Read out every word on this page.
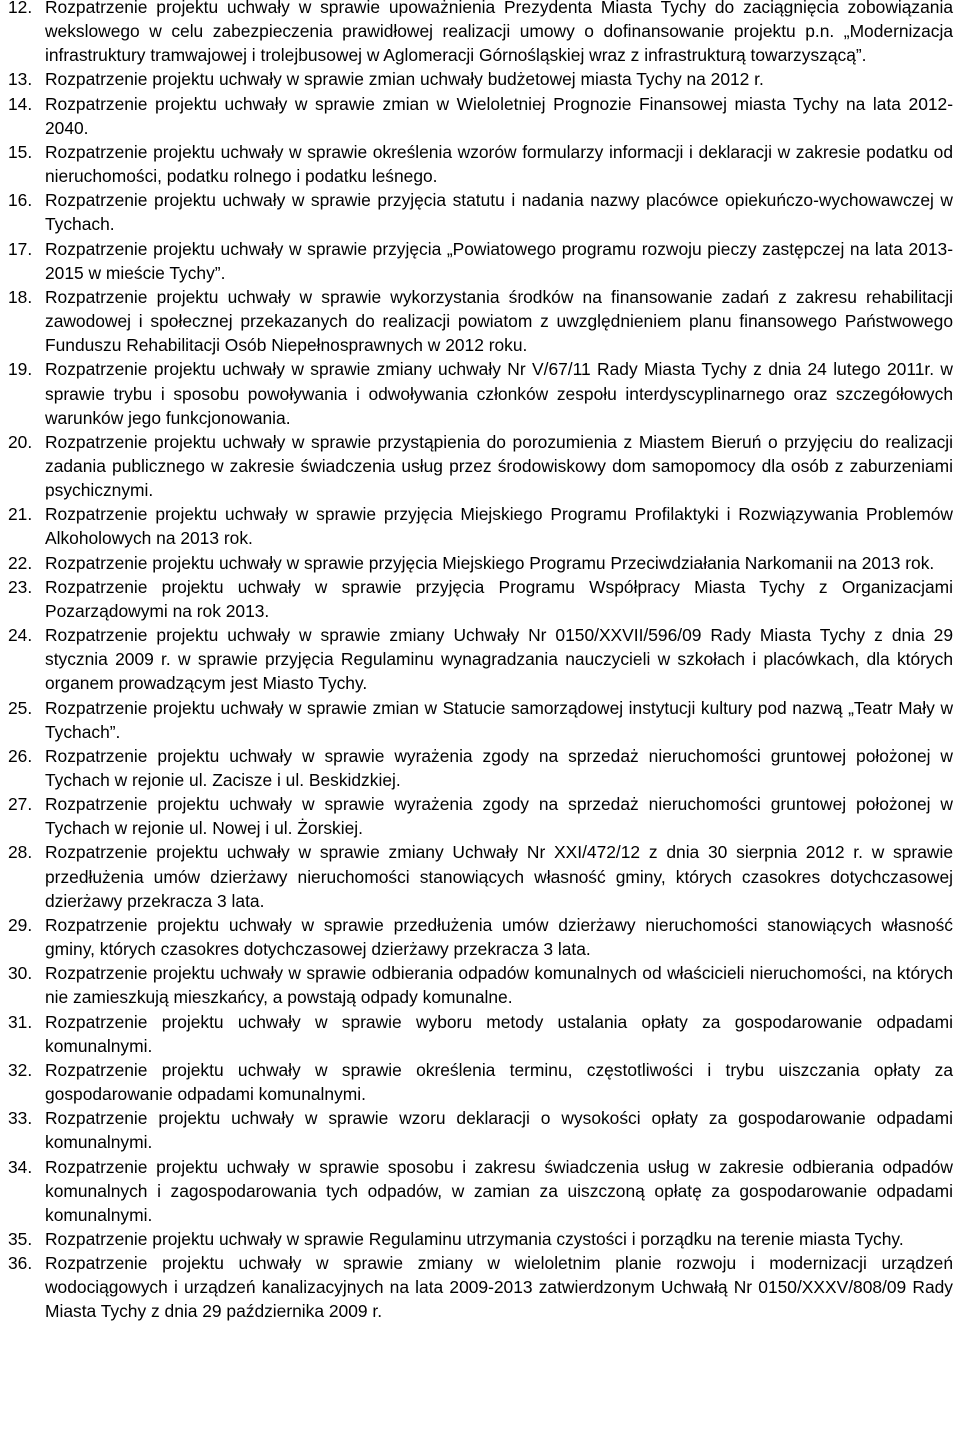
12. Rozpatrzenie projektu uchwały w sprawie upoważnienia Prezydenta Miasta Tychy do zaciągnięcia zobowiązania wekslowego w celu zabezpieczenia prawidłowej realizacji umowy o dofinansowanie projektu p.n. „Modernizacja infrastruktury tramwajowej i trolejbusowej w Aglomeracji Górnośląskiej wraz z infrastrukturą towarzyszącą”.
13. Rozpatrzenie projektu uchwały w sprawie zmian uchwały budżetowej miasta Tychy na 2012 r.
14. Rozpatrzenie projektu uchwały w sprawie zmian w Wieloletniej Prognozie Finansowej miasta Tychy na lata 2012-2040.
15. Rozpatrzenie projektu uchwały w sprawie określenia wzorów formularzy informacji i deklaracji w zakresie podatku od nieruchomości, podatku rolnego i podatku leśnego.
16. Rozpatrzenie projektu uchwały w sprawie przyjęcia statutu i nadania nazwy placówce opiekuńczo-wychowawczej w Tychach.
17. Rozpatrzenie projektu uchwały w sprawie przyjęcia „Powiatowego programu rozwoju pieczy zastępczej na lata 2013-2015 w mieście Tychy”.
18. Rozpatrzenie projektu uchwały w sprawie wykorzystania środków na finansowanie zadań z zakresu rehabilitacji zawodowej i społecznej przekazanych do realizacji powiatom z uwzględnieniem planu finansowego Państwowego Funduszu Rehabilitacji Osób Niepełnosprawnych w 2012 roku.
19. Rozpatrzenie projektu uchwały w sprawie zmiany uchwały Nr V/67/11 Rady Miasta Tychy z dnia 24 lutego 2011r. w sprawie trybu i sposobu powoływania i odwoływania członków zespołu interdyscyplinarnego oraz szczegółowych warunków jego funkcjonowania.
20. Rozpatrzenie projektu uchwały w sprawie przystąpienia do porozumienia z Miastem Bieruń o przyjęciu do realizacji zadania publicznego w zakresie świadczenia usług przez środowiskowy dom samopomocy dla osób z zaburzeniami psychicznymi.
21. Rozpatrzenie projektu uchwały w sprawie przyjęcia Miejskiego Programu Profilaktyki i Rozwiązywania Problemów Alkoholowych na 2013 rok.
22. Rozpatrzenie projektu uchwały w sprawie przyjęcia Miejskiego Programu Przeciwdziałania Narkomanii na 2013 rok.
23. Rozpatrzenie projektu uchwały w sprawie przyjęcia Programu Współpracy Miasta Tychy z Organizacjami Pozarządowymi na rok 2013.
24. Rozpatrzenie projektu uchwały w sprawie zmiany Uchwały Nr 0150/XXVII/596/09 Rady Miasta Tychy z dnia 29 stycznia 2009 r. w sprawie przyjęcia Regulaminu wynagradzania nauczycieli w szkołach i placówkach, dla których organem prowadzącym jest Miasto Tychy.
25. Rozpatrzenie projektu uchwały w sprawie zmian w Statucie samorządowej instytucji kultury pod nazwą „Teatr Mały w Tychach”.
26. Rozpatrzenie projektu uchwały w sprawie wyrażenia zgody na sprzedaż nieruchomości gruntowej położonej w Tychach w rejonie ul. Zacisze i ul. Beskidzkiej.
27. Rozpatrzenie projektu uchwały w sprawie wyrażenia zgody na sprzedaż nieruchomości gruntowej położonej w Tychach w rejonie ul. Nowej i ul. Żorskiej.
28. Rozpatrzenie projektu uchwały w sprawie zmiany Uchwały Nr XXI/472/12 z dnia 30 sierpnia 2012 r. w sprawie przedłużenia umów dzierżawy nieruchomości stanowiących własność gminy, których czasokres dotychczasowej dzierżawy przekracza 3 lata.
29. Rozpatrzenie projektu uchwały w sprawie przedłużenia umów dzierżawy nieruchomości stanowiących własność gminy, których czasokres dotychczasowej dzierżawy przekracza 3 lata.
30. Rozpatrzenie projektu uchwały w sprawie odbierania odpadów komunalnych od właścicieli nieruchomości, na których nie zamieszkują mieszkańcy, a powstają odpady komunalne.
31. Rozpatrzenie projektu uchwały w sprawie wyboru metody ustalania opłaty za gospodarowanie odpadami komunalnymi.
32. Rozpatrzenie projektu uchwały w sprawie określenia terminu, częstotliwości i trybu uiszczania opłaty za gospodarowanie odpadami komunalnymi.
33. Rozpatrzenie projektu uchwały w sprawie wzoru deklaracji o wysokości opłaty za gospodarowanie odpadami komunalnymi.
34. Rozpatrzenie projektu uchwały w sprawie sposobu i zakresu świadczenia usług w zakresie odbierania odpadów komunalnych i zagospodarowania tych odpadów, w zamian za uiszczoną opłatę za gospodarowanie odpadami komunalnymi.
35. Rozpatrzenie projektu uchwały w sprawie Regulaminu utrzymania czystości i porządku na terenie miasta Tychy.
36. Rozpatrzenie projektu uchwały w sprawie zmiany w wieloletnim planie rozwoju i modernizacji urządzeń wodociągowych i urządzeń kanalizacyjnych na lata 2009-2013 zatwierdzonym Uchwałą Nr 0150/XXXV/808/09 Rady Miasta Tychy z dnia 29 października 2009 r.
